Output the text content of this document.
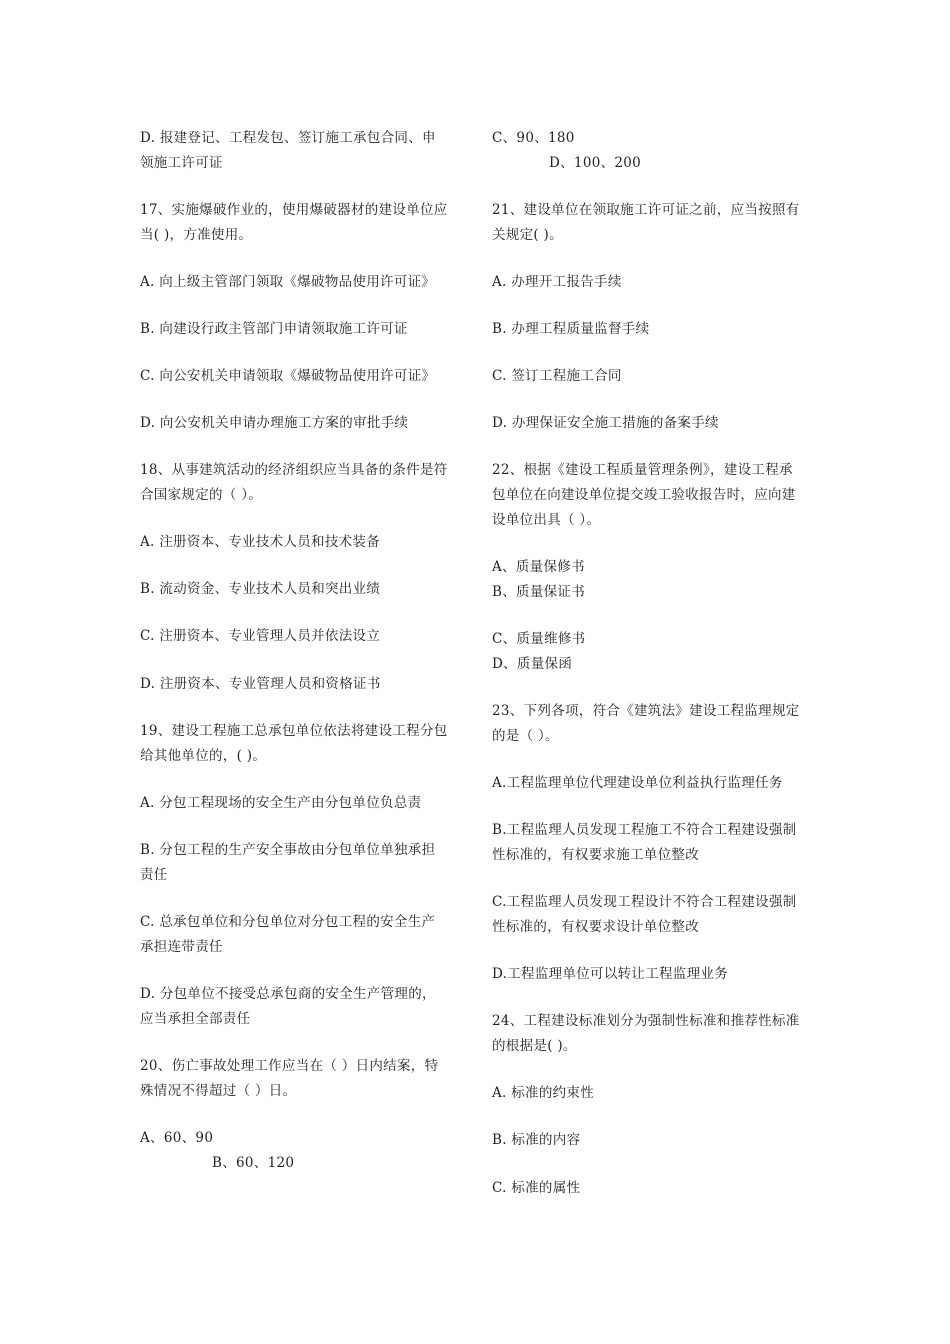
D. 报建登记、工程发包、签订施工承包合同、申
领施工许可证
17、实施爆破作业的，使用爆破器材的建设单位应
当( )，方准使用。
A. 向上级主管部门领取《爆破物品使用许可证》
B. 向建设行政主管部门申请领取施工许可证
C. 向公安机关申请领取《爆破物品使用许可证》
D. 向公安机关申请办理施工方案的审批手续
18、从事建筑活动的经济组织应当具备的条件是符
合国家规定的（ ）。
A. 注册资本、专业技术人员和技术装备
B. 流动资金、专业技术人员和突出业绩
C. 注册资本、专业管理人员并依法设立
D. 注册资本、专业管理人员和资格证书
19、建设工程施工总承包单位依法将建设工程分包
给其他单位的，( )。
A. 分包工程现场的安全生产由分包单位负总责
B. 分包工程的生产安全事故由分包单位单独承担
责任
C. 总承包单位和分包单位对分包工程的安全生产
承担连带责任
D. 分包单位不接受总承包商的安全生产管理的，
应当承担全部责任
20、伤亡事故处理工作应当在（ ）日内结案，特
殊情况不得超过（ ）日。
A、60、90
B、60、120
C、90、180
D、100、200
21、建设单位在领取施工许可证之前，应当按照有
关规定( )。
A. 办理开工报告手续
B. 办理工程质量监督手续
C. 签订工程施工合同
D. 办理保证安全施工措施的备案手续
22、根据《建设工程质量管理条例》，建设工程承
包单位在向建设单位提交竣工验收报告时，应向建
设单位出具（ ）。
A、质量保修书
B、质量保证书
C、质量维修书
D、质量保函
23、下列各项，符合《建筑法》建设工程监理规定
的是（ ）。
A.工程监理单位代理建设单位利益执行监理任务
B.工程监理人员发现工程施工不符合工程建设强制
性标准的，有权要求施工单位整改
C.工程监理人员发现工程设计不符合工程建设强制
性标准的，有权要求设计单位整改
D.工程监理单位可以转让工程监理业务
24、工程建设标准划分为强制性标准和推荐性标准
的根据是( )。
A. 标准的约束性
B. 标准的内容
C. 标准的属性
